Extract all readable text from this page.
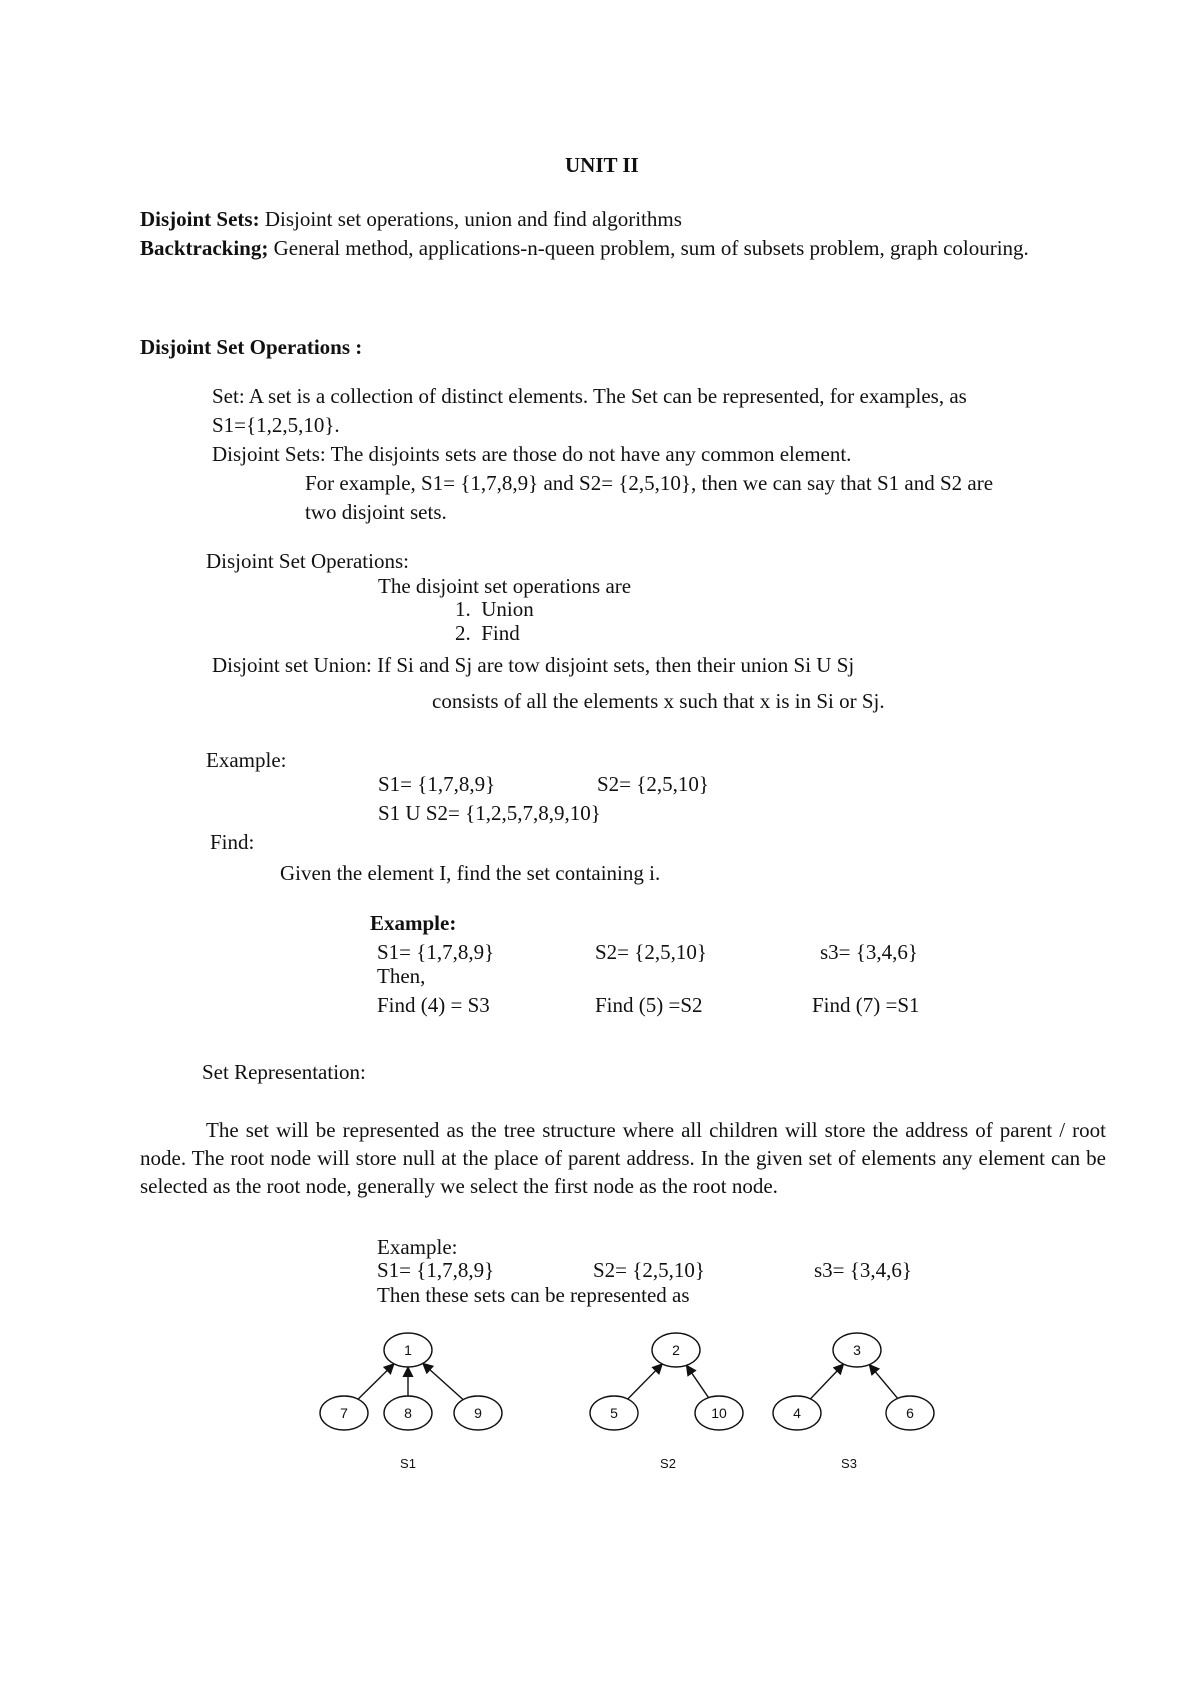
UNIT II
Disjoint Sets: Disjoint set operations, union and find algorithms
Backtracking; General method, applications-n-queen problem, sum of subsets problem, graph colouring.
Disjoint Set Operations :
Set: A set is a collection of distinct elements. The Set can be represented, for examples, as
S1={1,2,5,10}.
Disjoint Sets: The disjoints sets are those do not have any common element.
For example, S1= {1,7,8,9} and S2= {2,5,10}, then we can say that S1 and S2 are
two disjoint sets.
Disjoint Set Operations:
The disjoint set operations are
1.  Union
2.  Find
Disjoint set Union: If Si and Sj are tow disjoint sets, then their union Si U Sj
consists of all the elements x such that x is in Si or Sj.
Example:
S1= {1,7,8,9}	S2= {2,5,10}
S1 U S2= {1,2,5,7,8,9,10}
Find:
Given the element I, find the set containing i.
Example:
S1= {1,7,8,9}	S2= {2,5,10}	s3= {3,4,6}
Then,
Find (4) = S3	Find (5) =S2	Find (7) =S1
Set Representation:
The set will be represented as the tree structure where all children will store the address of parent / root node. The root node will store null at the place of parent address. In the given set of elements any element can be selected as the root node, generally we select the first node as the root node.
Example:
S1= {1,7,8,9}	S2= {2,5,10}	s3= {3,4,6}
Then these sets can be represented as
1
7	8	9
S1
2
5	10
S2
3
4	6
S3
